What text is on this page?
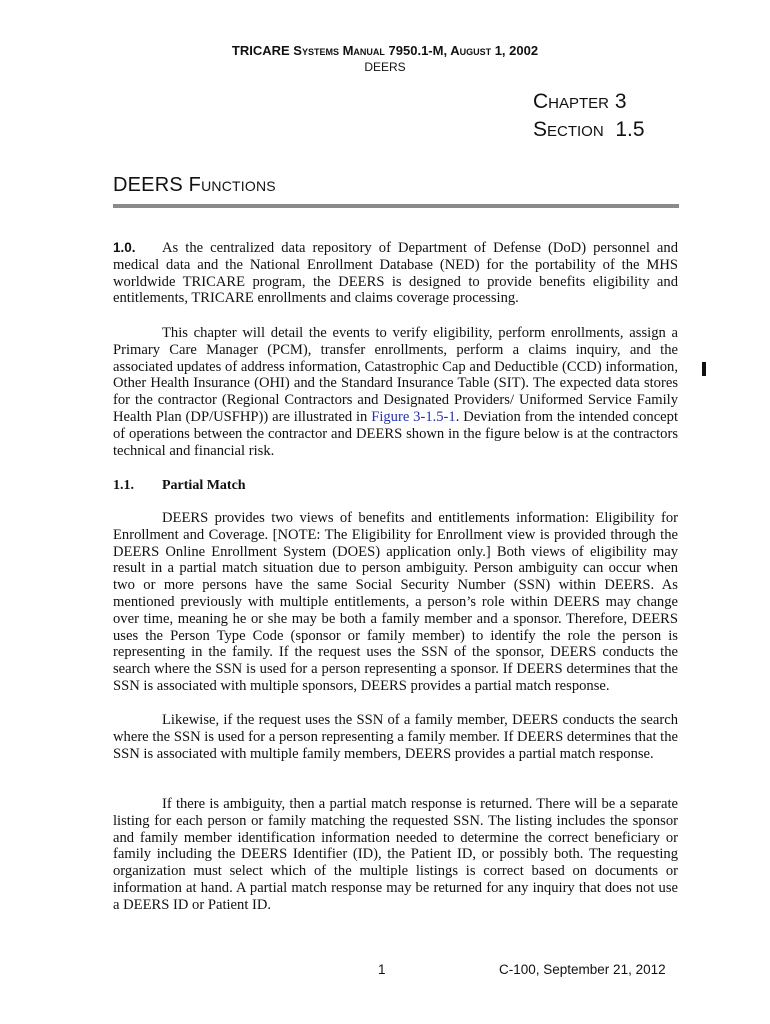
TRICARE Systems Manual 7950.1-M, August 1, 2002
DEERS
Chapter 3
Section 1.5
DEERS Functions

1.0. As the centralized data repository of Department of Defense (DoD) personnel and medical data and the National Enrollment Database (NED) for the portability of the MHS worldwide TRICARE program, the DEERS is designed to provide benefits eligibility and entitlements, TRICARE enrollments and claims coverage processing.

This chapter will detail the events to verify eligibility, perform enrollments, assign a Primary Care Manager (PCM), transfer enrollments, perform a claims inquiry, and the associated updates of address information, Catastrophic Cap and Deductible (CCD) information, Other Health Insurance (OHI) and the Standard Insurance Table (SIT). The expected data stores for the contractor (Regional Contractors and Designated Providers/ Uniformed Service Family Health Plan (DP/USFHP)) are illustrated in Figure 3-1.5-1. Deviation from the intended concept of operations between the contractor and DEERS shown in the figure below is at the contractors technical and financial risk.

1.1. Partial Match

DEERS provides two views of benefits and entitlements information: Eligibility for Enrollment and Coverage. [NOTE: The Eligibility for Enrollment view is provided through the DEERS Online Enrollment System (DOES) application only.] Both views of eligibility may result in a partial match situation due to person ambiguity. Person ambiguity can occur when two or more persons have the same Social Security Number (SSN) within DEERS. As mentioned previously with multiple entitlements, a person’s role within DEERS may change over time, meaning he or she may be both a family member and a sponsor. Therefore, DEERS uses the Person Type Code (sponsor or family member) to identify the role the person is representing in the family. If the request uses the SSN of the sponsor, DEERS conducts the search where the SSN is used for a person representing a sponsor. If DEERS determines that the SSN is associated with multiple sponsors, DEERS provides a partial match response.

Likewise, if the request uses the SSN of a family member, DEERS conducts the search where the SSN is used for a person representing a family member. If DEERS determines that the SSN is associated with multiple family members, DEERS provides a partial match response.

If there is ambiguity, then a partial match response is returned. There will be a separate listing for each person or family matching the requested SSN. The listing includes the sponsor and family member identification information needed to determine the correct beneficiary or family including the DEERS Identifier (ID), the Patient ID, or possibly both. The requesting organization must select which of the multiple listings is correct based on documents or information at hand. A partial match response may be returned for any inquiry that does not use a DEERS ID or Patient ID.

1	C-100, September 21, 2012
